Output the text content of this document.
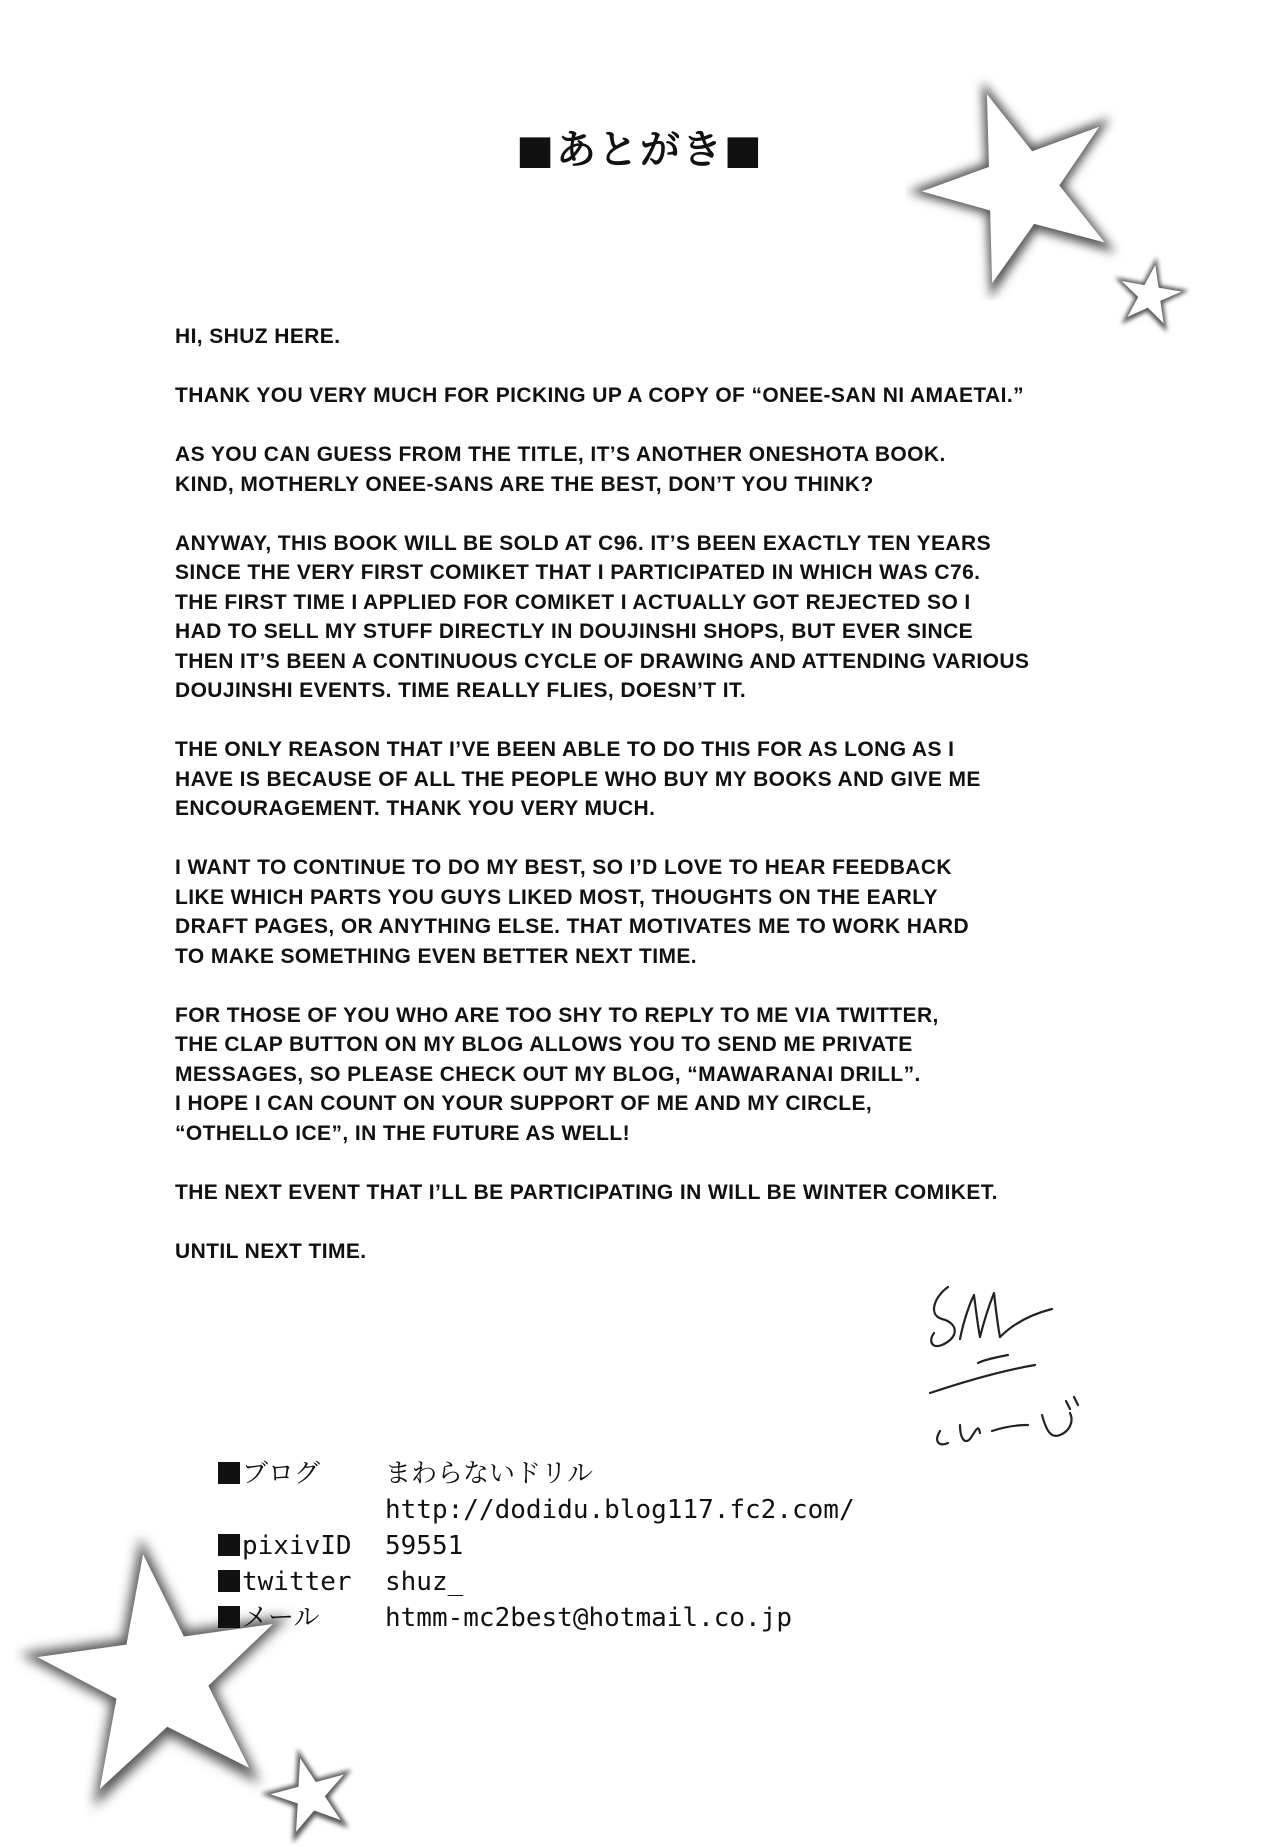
■あとがき■

HI, SHUZ HERE.

THANK YOU VERY MUCH FOR PICKING UP A COPY OF “ONEE-SAN NI AMAETAI.”

AS YOU CAN GUESS FROM THE TITLE, IT’S ANOTHER ONESHOTA BOOK.
KIND, MOTHERLY ONEE-SANS ARE THE BEST, DON’T YOU THINK?

ANYWAY, THIS BOOK WILL BE SOLD AT C96. IT’S BEEN EXACTLY TEN YEARS
SINCE THE VERY FIRST COMIKET THAT I PARTICIPATED IN WHICH WAS C76.
THE FIRST TIME I APPLIED FOR COMIKET I ACTUALLY GOT REJECTED SO I
HAD TO SELL MY STUFF DIRECTLY IN DOUJINSHI SHOPS, BUT EVER SINCE
THEN IT’S BEEN A CONTINUOUS CYCLE OF DRAWING AND ATTENDING VARIOUS
DOUJINSHI EVENTS. TIME REALLY FLIES, DOESN’T IT.

THE ONLY REASON THAT I’VE BEEN ABLE TO DO THIS FOR AS LONG AS I
HAVE IS BECAUSE OF ALL THE PEOPLE WHO BUY MY BOOKS AND GIVE ME
ENCOURAGEMENT. THANK YOU VERY MUCH.

I WANT TO CONTINUE TO DO MY BEST, SO I’D LOVE TO HEAR FEEDBACK
LIKE WHICH PARTS YOU GUYS LIKED MOST, THOUGHTS ON THE EARLY
DRAFT PAGES, OR ANYTHING ELSE. THAT MOTIVATES ME TO WORK HARD
TO MAKE SOMETHING EVEN BETTER NEXT TIME.

FOR THOSE OF YOU WHO ARE TOO SHY TO REPLY TO ME VIA TWITTER,
THE CLAP BUTTON ON MY BLOG ALLOWS YOU TO SEND ME PRIVATE
MESSAGES, SO PLEASE CHECK OUT MY BLOG, “MAWARANAI DRILL”.
I HOPE I CAN COUNT ON YOUR SUPPORT OF ME AND MY CIRCLE,
“OTHELLO ICE”, IN THE FUTURE AS WELL!

THE NEXT EVENT THAT I’LL BE PARTICIPATING IN WILL BE WINTER COMIKET.

UNTIL NEXT TIME.

ブログ	まわらないドリル
http://dodidu.blog117.fc2.com/
pixivID	59551
twitter	shuz_
メール	htmm-mc2best@hotmail.co.jp
